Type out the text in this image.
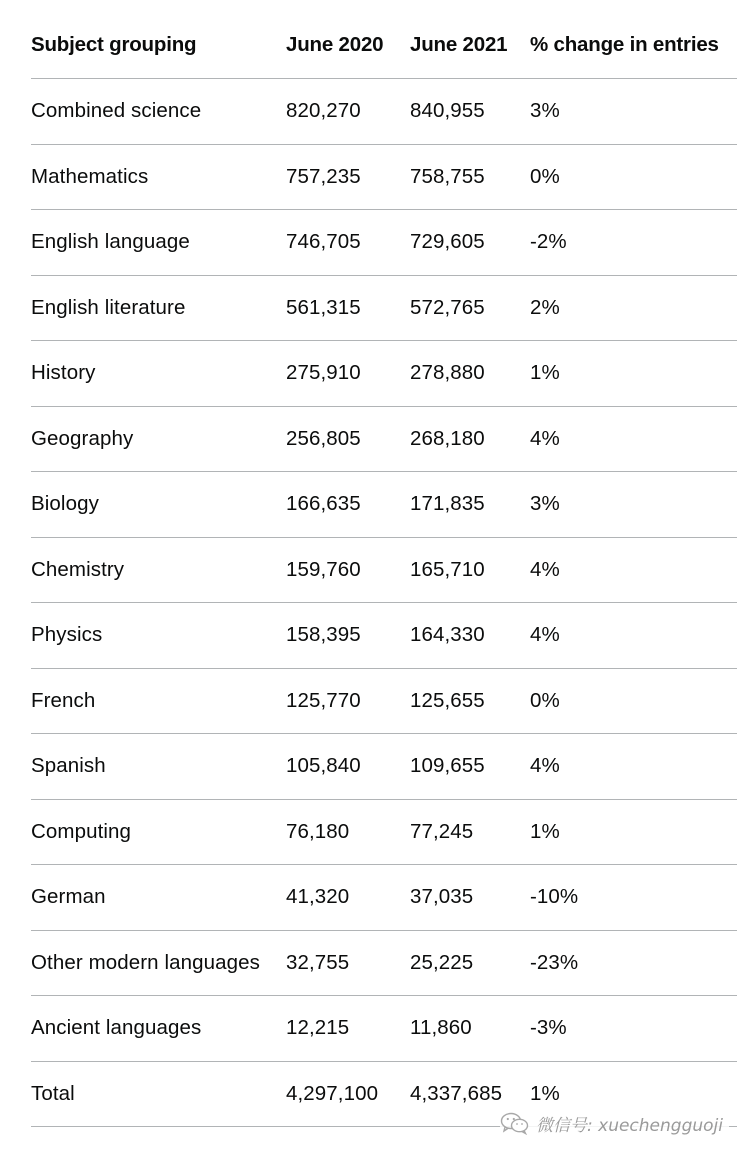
Subject grouping	June 2020	June 2021	% change in entries
Combined science	820,270	840,955	3%
Mathematics	757,235	758,755	0%
English language	746,705	729,605	-2%
English literature	561,315	572,765	2%
History	275,910	278,880	1%
Geography	256,805	268,180	4%
Biology	166,635	171,835	3%
Chemistry	159,760	165,710	4%
Physics	158,395	164,330	4%
French	125,770	125,655	0%
Spanish	105,840	109,655	4%
Computing	76,180	77,245	1%
German	41,320	37,035	-10%
Other modern languages	32,755	25,225	-23%
Ancient languages	12,215	11,860	-3%
Total	4,297,100	4,337,685	1%
微信号: xuechengguoji
